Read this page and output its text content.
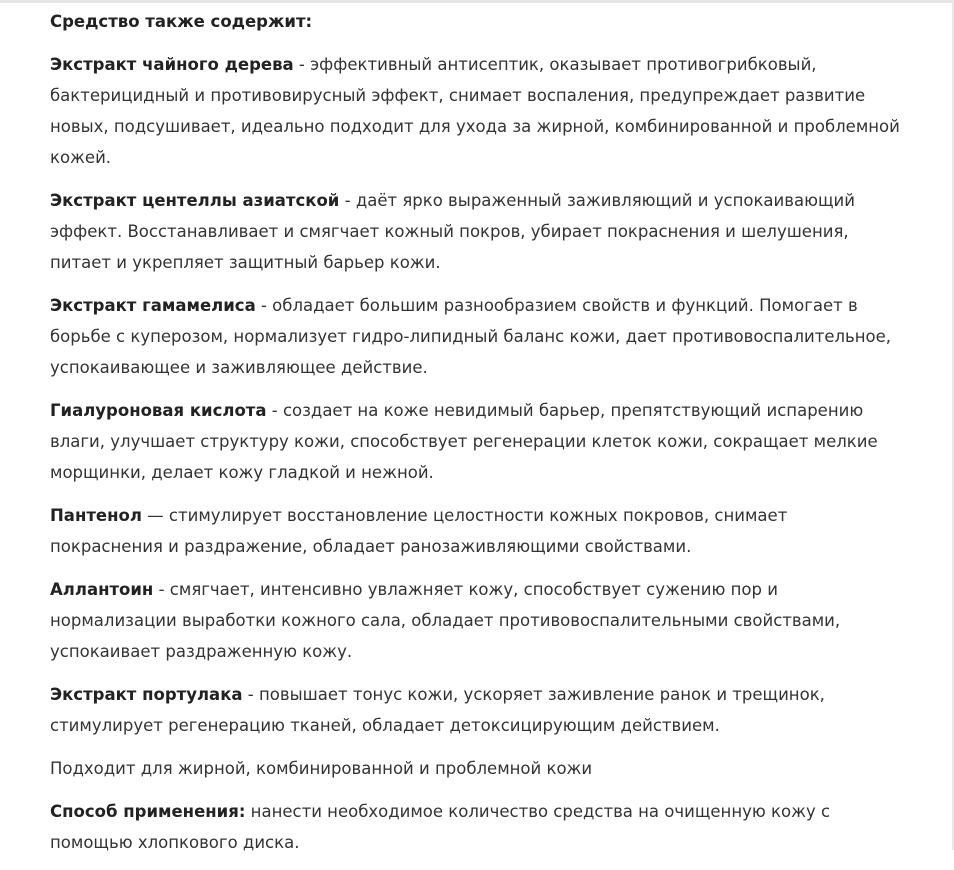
Средство также содержит:

Экстракт чайного дерева - эффективный антисептик, оказывает противогрибковый, бактерицидный и противовирусный эффект, снимает воспаления, предупреждает развитие новых, подсушивает, идеально подходит для ухода за жирной, комбинированной и проблемной кожей.

Экстракт центеллы азиатской - даёт ярко выраженный заживляющий и успокаивающий эффект. Восстанавливает и смягчает кожный покров, убирает покраснения и шелушения, питает и укрепляет защитный барьер кожи.

Экстракт гамамелиса - обладает большим разнообразием свойств и функций. Помогает в борьбе с куперозом, нормализует гидро-липидный баланс кожи, дает противовоспалительное, успокаивающее и заживляющее действие.

Гиалуроновая кислота - создает на коже невидимый барьер, препятствующий испарению влаги, улучшает структуру кожи, способствует регенерации клеток кожи, сокращает мелкие морщинки, делает кожу гладкой и нежной.

Пантенол — стимулирует восстановление целостности кожных покровов, снимает покраснения и раздражение, обладает ранозаживляющими свойствами.

Аллантоин - смягчает, интенсивно увлажняет кожу, способствует сужению пор и нормализации выработки кожного сала, обладает противовоспалительными свойствами, успокаивает раздраженную кожу.

Экстракт портулака - повышает тонус кожи, ускоряет заживление ранок и трещинок, стимулирует регенерацию тканей, обладает детоксицирующим действием.

Подходит для жирной, комбинированной и проблемной кожи

Способ применения: нанести необходимое количество средства на очищенную кожу с помощью хлопкового диска.
